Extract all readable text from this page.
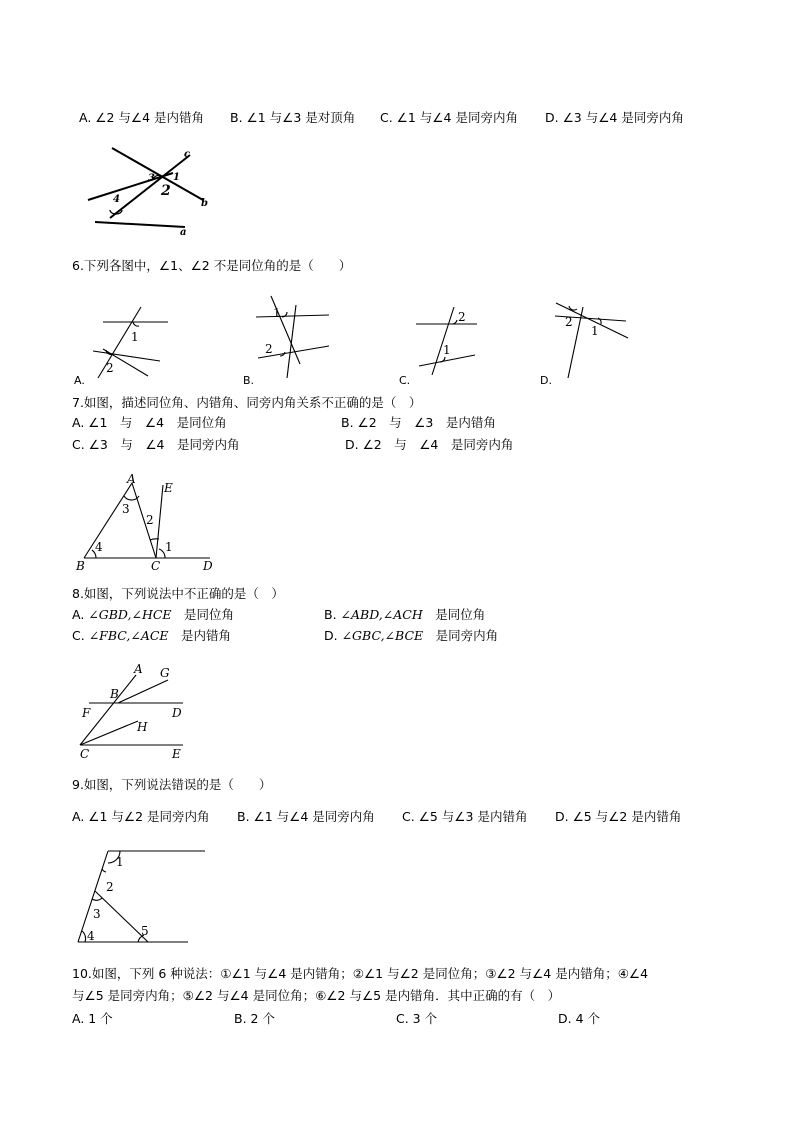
A. ∠2 与∠4 是内错角 B. ∠1 与∠3 是对顶角 C. ∠1 与∠4 是同旁内角 D. ∠3 与∠4 是同旁内角
c
3 1
2
4	b
a
6.下列各图中，∠1、∠2 不是同位角的是（　　）
1
2
1
2
2
1
2
1
A.	B.	C.	D.
7.如图，描述同位角、内错角、同旁内角关系不正确的是（　）
A. ∠1　与　∠4　是同位角	B. ∠2　与　∠3　是内错角
C. ∠3　与　∠4　是同旁内角	D. ∠2　与　∠4　是同旁内角
A
E
3
2
4	1
B	C	D
8.如图，下列说法中不正确的是（　）
A. ∠GBD,∠HCE　是同位角	B. ∠ABD,∠ACH　是同位角
C. ∠FBC,∠ACE　是内错角	D. ∠GBC,∠BCE　是同旁内角
A G
B
F	D
H
C	E
9.如图，下列说法错误的是（　　）
A. ∠1 与∠2 是同旁内角 B. ∠1 与∠4 是同旁内角 C. ∠5 与∠3 是内错角 D. ∠5 与∠2 是内错角
1
2
3
4	5
10.如图，下列 6 种说法：①∠1 与∠4 是内错角；②∠1 与∠2 是同位角；③∠2 与∠4 是内错角；④∠4
与∠5 是同旁内角；⑤∠2 与∠4 是同位角；⑥∠2 与∠5 是内错角．其中正确的有（　）
A. 1 个	B. 2 个	C. 3 个	D. 4 个
